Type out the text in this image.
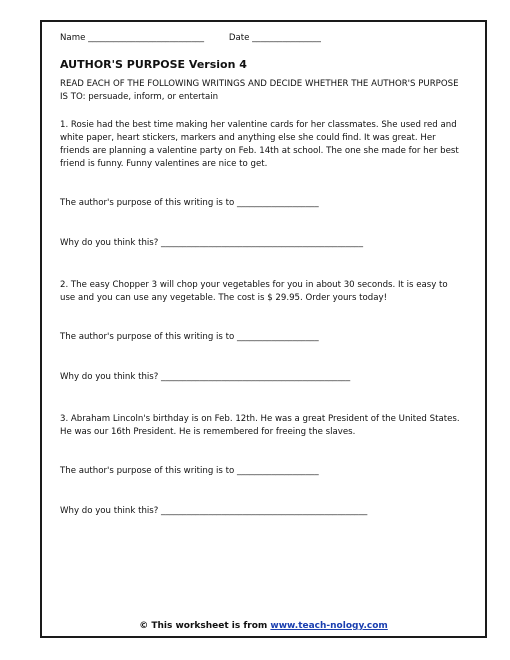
Name ___________________________	Date ________________
AUTHOR'S PURPOSE Version 4
READ EACH OF THE FOLLOWING WRITINGS AND DECIDE WHETHER THE AUTHOR'S PURPOSE IS TO: persuade, inform, or entertain
1. Rosie had the best time making her valentine cards for her classmates. She used red and white paper, heart stickers, markers and anything else she could find. It was great. Her friends are planning a valentine party on Feb. 14th at school. The one she made for her best friend is funny. Funny valentines are nice to get.
The author's purpose of this writing is to ___________________
Why do you think this? _______________________________________________
2. The easy Chopper 3 will chop your vegetables for you in about 30 seconds. It is easy to use and you can use any vegetable. The cost is $ 29.95. Order yours today!
The author's purpose of this writing is to ___________________
Why do you think this? ____________________________________________
3. Abraham Lincoln's birthday is on Feb. 12th. He was a great President of the United States. He was our 16th President. He is remembered for freeing the slaves.
The author's purpose of this writing is to ___________________
Why do you think this? ________________________________________________
© This worksheet is from www.teach-nology.com
